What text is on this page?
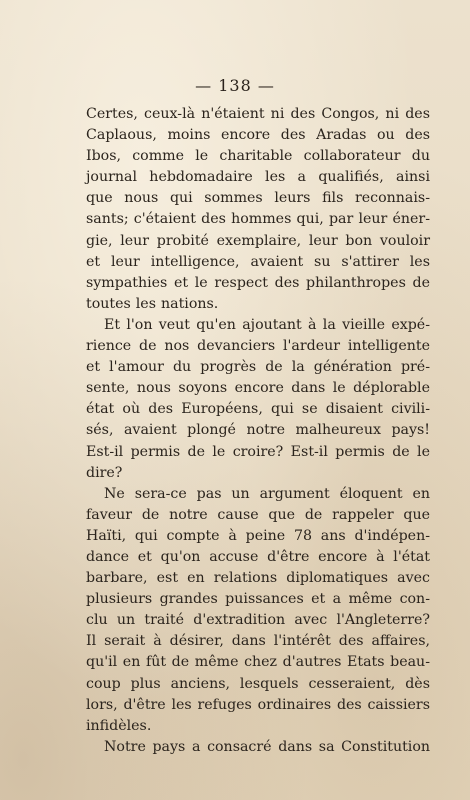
— 138 —
Certes, ceux-là n'étaient ni des Congos, ni des
Caplaous, moins encore des Aradas ou des
Ibos, comme le charitable collaborateur du
journal hebdomadaire les a qualifiés, ainsi
que nous qui sommes leurs fils reconnais-
sants; c'étaient des hommes qui, par leur éner-
gie, leur probité exemplaire, leur bon vouloir
et leur intelligence, avaient su s'attirer les
sympathies et le respect des philanthropes de
toutes les nations.
Et l'on veut qu'en ajoutant à la vieille expé-
rience de nos devanciers l'ardeur intelligente
et l'amour du progrès de la génération pré-
sente, nous soyons encore dans le déplorable
état où des Européens, qui se disaient civili-
sés, avaient plongé notre malheureux pays!
Est-il permis de le croire? Est-il permis de le
dire?
Ne sera-ce pas un argument éloquent en
faveur de notre cause que de rappeler que
Haïti, qui compte à peine 78 ans d'indépen-
dance et qu'on accuse d'être encore à l'état
barbare, est en relations diplomatiques avec
plusieurs grandes puissances et a même con-
clu un traité d'extradition avec l'Angleterre?
Il serait à désirer, dans l'intérêt des affaires,
qu'il en fût de même chez d'autres Etats beau-
coup plus anciens, lesquels cesseraient, dès
lors, d'être les refuges ordinaires des caissiers
infidèles.
Notre pays a consacré dans sa Constitution
